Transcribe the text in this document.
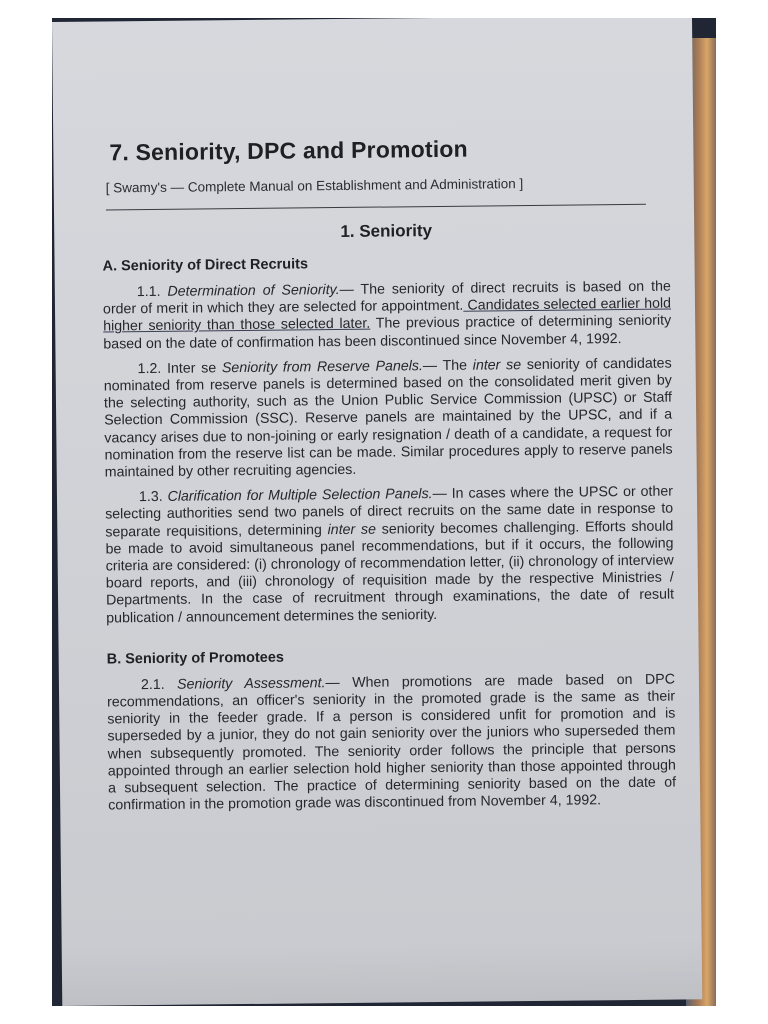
7. Seniority, DPC and Promotion
[ Swamy's — Complete Manual on Establishment and Administration ]
1. Seniority
A. Seniority of Direct Recruits

1.1. Determination of Seniority.— The seniority of direct recruits is based on the order of merit in which they are selected for appointment. Candidates selected earlier hold higher seniority than those selected later. The previous practice of determining seniority based on the date of confirmation has been discontinued since November 4, 1992.

1.2. Inter se Seniority from Reserve Panels.— The inter se seniority of candidates nominated from reserve panels is determined based on the consolidated merit given by the selecting authority, such as the Union Public Service Commission (UPSC) or Staff Selection Commission (SSC). Reserve panels are maintained by the UPSC, and if a vacancy arises due to non-joining or early resignation / death of a candidate, a request for nomination from the reserve list can be made. Similar procedures apply to reserve panels maintained by other recruiting agencies.

1.3. Clarification for Multiple Selection Panels.— In cases where the UPSC or other selecting authorities send two panels of direct recruits on the same date in response to separate requisitions, determining inter se seniority becomes challenging. Efforts should be made to avoid simultaneous panel recommendations, but if it occurs, the following criteria are considered: (i) chronology of recommendation letter, (ii) chronology of interview board reports, and (iii) chronology of requisition made by the respective Ministries / Departments. In the case of recruitment through examinations, the date of result publication / announcement determines the seniority.

B. Seniority of Promotees

2.1. Seniority Assessment.— When promotions are made based on DPC recommendations, an officer's seniority in the promoted grade is the same as their seniority in the feeder grade. If a person is considered unfit for promotion and is superseded by a junior, they do not gain seniority over the juniors who superseded them when subsequently promoted. The seniority order follows the principle that persons appointed through an earlier selection hold higher seniority than those appointed through a subsequent selection. The practice of determining seniority based on the date of confirmation in the promotion grade was discontinued from November 4, 1992.
